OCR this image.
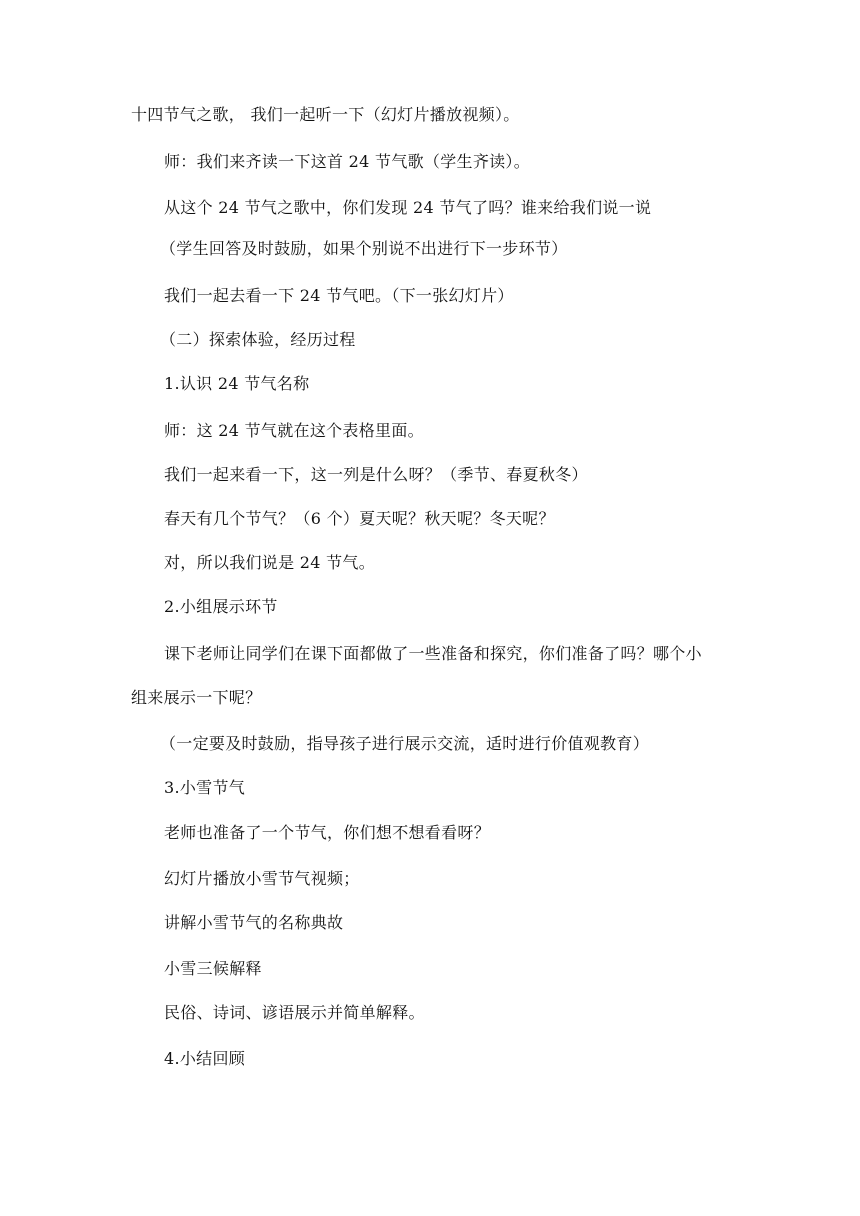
十四节气之歌， 我们一起听一下（幻灯片播放视频）。
师：我们来齐读一下这首 24 节气歌（学生齐读）。
从这个 24 节气之歌中，你们发现 24 节气了吗？谁来给我们说一说
（学生回答及时鼓励，如果个别说不出进行下一步环节）
我们一起去看一下 24 节气吧。（下一张幻灯片）
（二）探索体验，经历过程
1.认识 24 节气名称
师：这 24 节气就在这个表格里面。
我们一起来看一下，这一列是什么呀？（季节、春夏秋冬）
春天有几个节气？（6 个）夏天呢？秋天呢？冬天呢？
对，所以我们说是 24 节气。
2.小组展示环节
课下老师让同学们在课下面都做了一些准备和探究，你们准备了吗？哪个小
组来展示一下呢？
（一定要及时鼓励，指导孩子进行展示交流，适时进行价值观教育）
3.小雪节气
老师也准备了一个节气，你们想不想看看呀？
幻灯片播放小雪节气视频；
讲解小雪节气的名称典故
小雪三候解释
民俗、诗词、谚语展示并简单解释。
4.小结回顾
